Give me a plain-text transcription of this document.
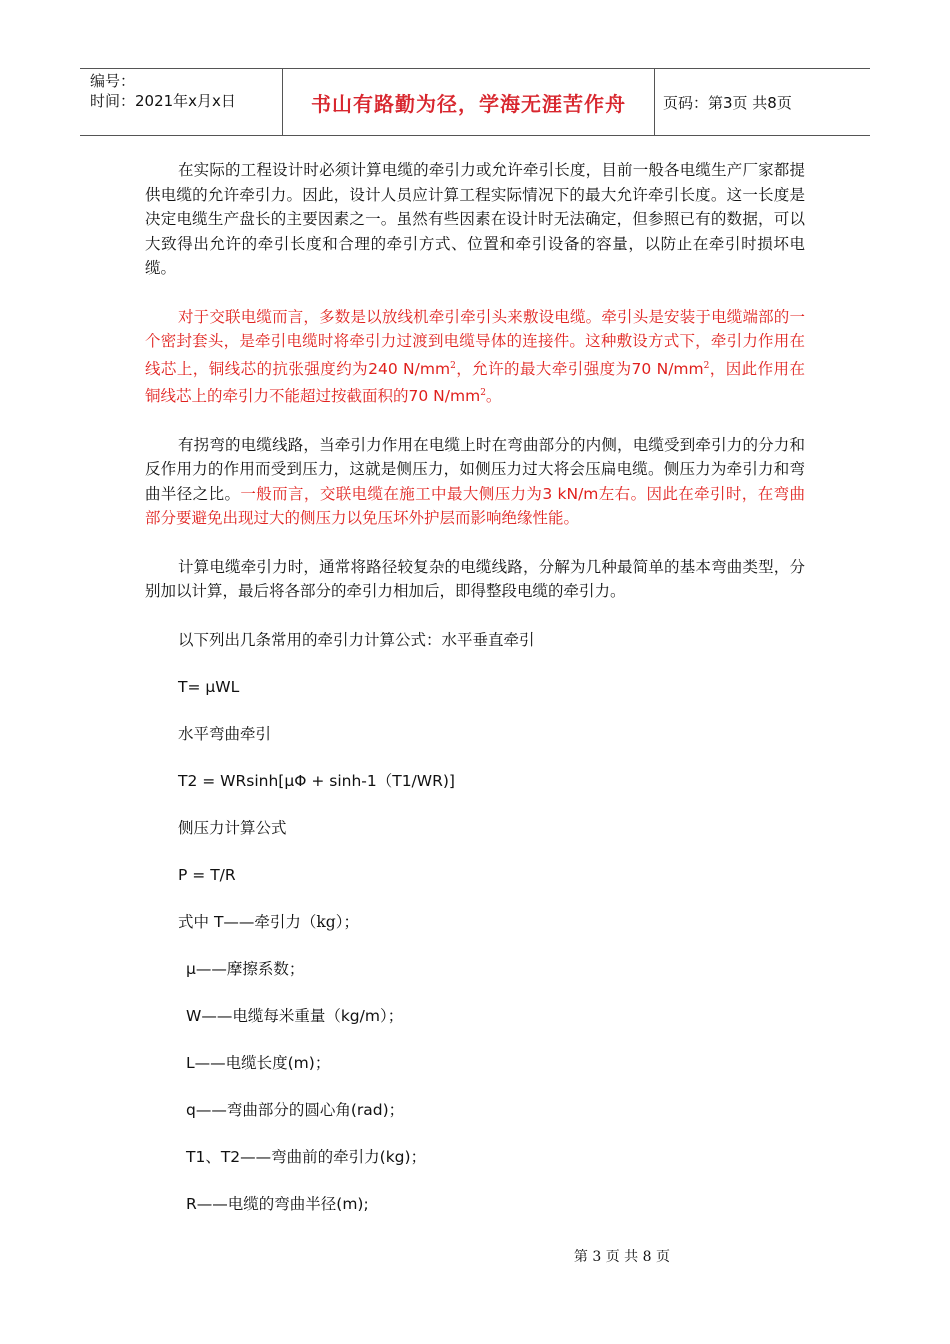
编号：
时间：2021年x月x日	书山有路勤为径，学海无涯苦作舟 页码：第3页 共8页

在实际的工程设计时必须计算电缆的牵引力或允许牵引长度，目前一般各电缆生产厂家都提供电缆的允许牵引力。因此，设计人员应计算工程实际情况下的最大允许牵引长度。这一长度是决定电缆生产盘长的主要因素之一。虽然有些因素在设计时无法确定，但参照已有的数据，可以大致得出允许的牵引长度和合理的牵引方式、位置和牵引设备的容量，以防止在牵引时损坏电缆。

对于交联电缆而言，多数是以放线机牵引牵引头来敷设电缆。牵引头是安装于电缆端部的一个密封套头，是牵引电缆时将牵引力过渡到电缆导体的连接件。这种敷设方式下，牵引力作用在线芯上，铜线芯的抗张强度约为240 $N/mm^2$，允许的最大牵引强度为70 $N/mm^2$，因此作用在铜线芯上的牵引力不能超过按截面积的70 $N/mm^2$。

有拐弯的电缆线路，当牵引力作用在电缆上时在弯曲部分的内侧，电缆受到牵引力的分力和反作用力的作用而受到压力，这就是侧压力，如侧压力过大将会压扁电缆。侧压力为牵引力和弯曲半径之比。一般而言，交联电缆在施工中最大侧压力为3 kN/m左右。因此在牵引时，在弯曲部分要避免出现过大的侧压力以免压坏外护层而影响绝缘性能。

计算电缆牵引力时，通常将路径较复杂的电缆线路，分解为几种最简单的基本弯曲类型，分别加以计算，最后将各部分的牵引力相加后，即得整段电缆的牵引力。

以下列出几条常用的牵引力计算公式：水平垂直牵引
T= μWL
水平弯曲牵引
T2 = WRsinh[μΦ + sinh-1（T1/WR)]
侧压力计算公式
P = T/R
式中 T——牵引力（kg）；
μ——摩擦系数；
W——电缆每米重量（kg/m）；
L——电缆长度(m)；
q——弯曲部分的圆心角(rad)；
T1、T2——弯曲前的牵引力(kg)；
R——电缆的弯曲半径(m);
第 3 页 共 8 页
